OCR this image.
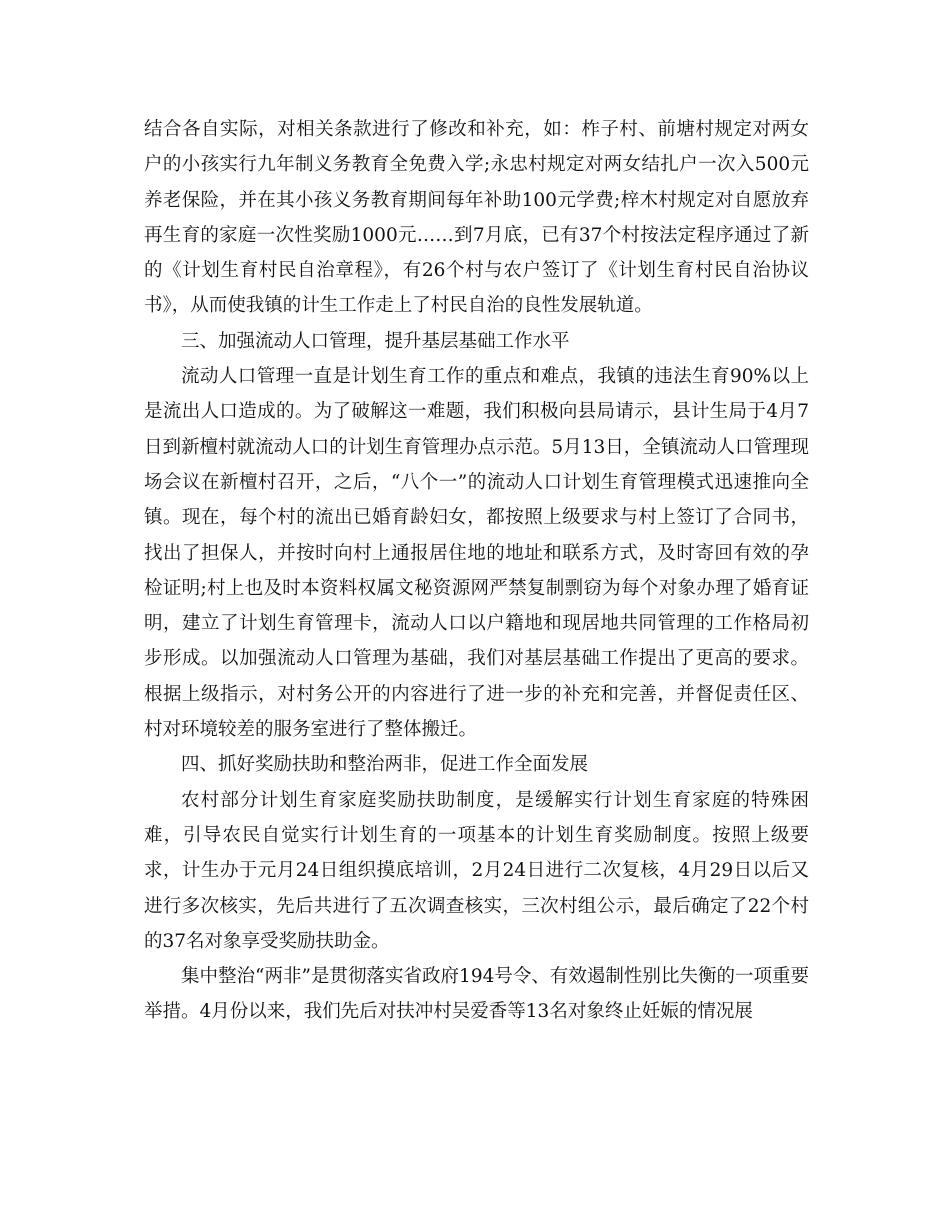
结合各自实际，对相关条款进行了修改和补充，如：柞子村、前塘村规定对两女户的小孩实行九年制义务教育全免费入学;永忠村规定对两女结扎户一次入500元养老保险，并在其小孩义务教育期间每年补助100元学费;梓木村规定对自愿放弃再生育的家庭一次性奖励1000元……到7月底，已有37个村按法定程序通过了新的《计划生育村民自治章程》，有26个村与农户签订了《计划生育村民自治协议书》，从而使我镇的计生工作走上了村民自治的良性发展轨道。

三、加强流动人口管理，提升基层基础工作水平

流动人口管理一直是计划生育工作的重点和难点，我镇的违法生育90%以上是流出人口造成的。为了破解这一难题，我们积极向县局请示，县计生局于4月7日到新檀村就流动人口的计划生育管理办点示范。5月13日，全镇流动人口管理现场会议在新檀村召开，之后，“八个一”的流动人口计划生育管理模式迅速推向全镇。现在，每个村的流出已婚育龄妇女，都按照上级要求与村上签订了合同书，找出了担保人，并按时向村上通报居住地的地址和联系方式，及时寄回有效的孕检证明;村上也及时本资料权属文秘资源网严禁复制剽窃为每个对象办理了婚育证明，建立了计划生育管理卡，流动人口以户籍地和现居地共同管理的工作格局初步形成。以加强流动人口管理为基础，我们对基层基础工作提出了更高的要求。根据上级指示，对村务公开的内容进行了进一步的补充和完善，并督促责任区、村对环境较差的服务室进行了整体搬迁。

四、抓好奖励扶助和整治两非，促进工作全面发展

农村部分计划生育家庭奖励扶助制度，是缓解实行计划生育家庭的特殊困难，引导农民自觉实行计划生育的一项基本的计划生育奖励制度。按照上级要求，计生办于元月24日组织摸底培训，2月24日进行二次复核，4月29日以后又进行多次核实，先后共进行了五次调查核实，三次村组公示，最后确定了22个村的37名对象享受奖励扶助金。

集中整治“两非”是贯彻落实省政府194号令、有效遏制性别比失衡的一项重要举措。4月份以来，我们先后对扶冲村吴爱香等13名对象终止妊娠的情况展
